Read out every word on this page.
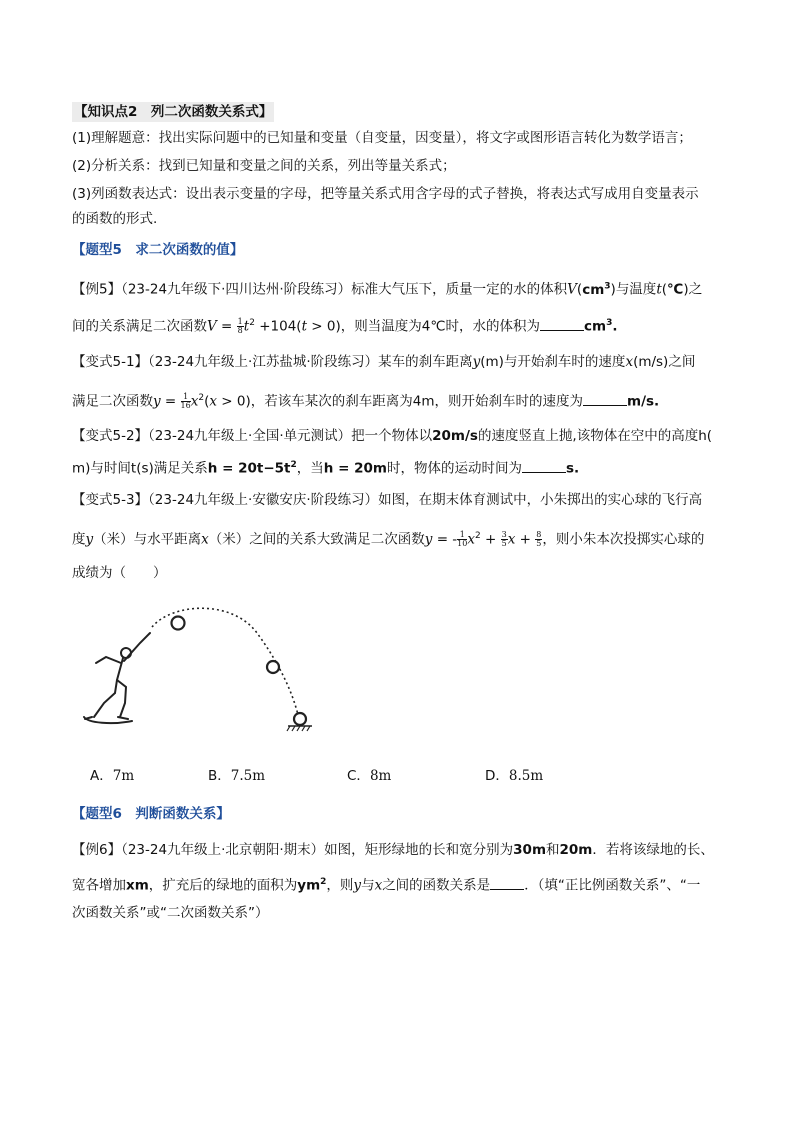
【知识点2　列二次函数关系式】
(1)理解题意：找出实际问题中的已知量和变量（自变量，因变量），将文字或图形语言转化为数学语言；
(2)分析关系：找到已知量和变量之间的关系，列出等量关系式；
(3)列函数表达式：设出表示变量的字母，把等量关系式用含字母的式子替换，将表达式写成用自变量表示
的函数的形式.
【题型5　求二次函数的值】
【例5】（23-24九年级下·四川达州·阶段练习）标准大气压下，质量一定的水的体积$V(cm^3)$与温度t(℃)之
间的关系满足二次函数$V = \frac{1}{8} t^2 +104(t > 0)$，则当温度为4℃时，水的体积为	$cm^3$.
【变式5-1】（23-24九年级上·江苏盐城·阶段练习）某车的刹车距离y(m)与开始刹车时的速度x(m/s)之间
满足二次函数$y = \frac{1}{16} x^2(x > 0)$，若该车某次的刹车距离为4m，则开始刹车时的速度为	m/s.
【变式5-2】（23-24九年级上·全国·单元测试）把一个物体以20m/s的速度竖直上抛,该物体在空中的高度h(
m)与时间t(s)满足关系$h = 20t-5t^2$，当h = 20m时，物体的运动时间为	s.
【变式5-3】（23-24九年级上·安徽安庆·阶段练习）如图，在期末体育测试中，小朱掷出的实心球的飞行高
度y（米）与水平距离x（米）之间的关系大致满足二次函数y = - $\frac{1}{10} x^2 + \frac{3}{5}$ $x + \frac{8}{5}$ ，则小朱本次投掷实心球的
成绩为（　　）
A．7m	B．7.5m	C．8m	D．8.5m
【题型6　判断函数关系】
【例6】（23-24九年级上·北京朝阳·期末）如图，矩形绿地的长和宽分别为30m和20m．若将该绿地的长、
宽各增加xm，扩充后的绿地的面积为$ym^2$，则y与x之间的函数关系是	．（填“正比例函数关系”、“一
次函数关系”或“二次函数关系”）
